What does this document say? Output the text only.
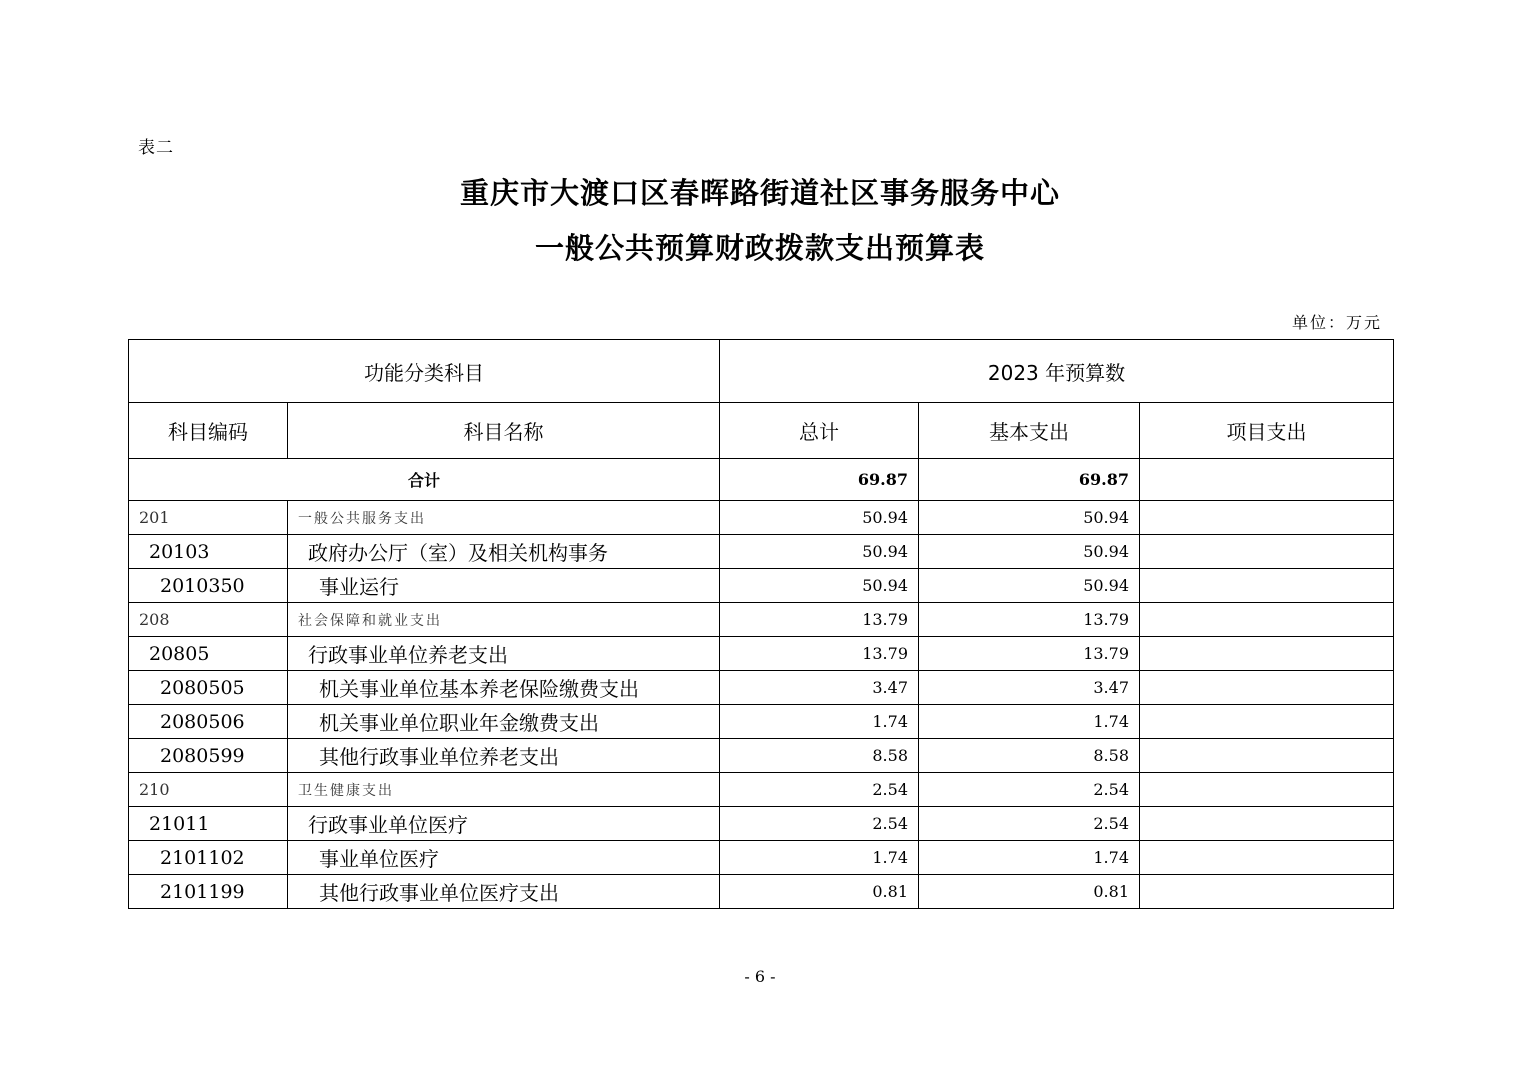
表二
重庆市大渡口区春晖路街道社区事务服务中心
一般公共预算财政拨款支出预算表
单位：万元
功能分类科目		2023 年预算数		
科目编码	科目名称	总计	基本支出	项目支出
合计		69.87	69.87	
201	一般公共服务支出	50.94	50.94	
20103	政府办公厅（室）及相关机构事务	50.94	50.94	
2010350	事业运行	50.94	50.94	
208	社会保障和就业支出	13.79	13.79	
20805	行政事业单位养老支出	13.79	13.79	
2080505	机关事业单位基本养老保险缴费支出	3.47	3.47	
2080506	机关事业单位职业年金缴费支出	1.74	1.74	
2080599	其他行政事业单位养老支出	8.58	8.58	
210	卫生健康支出	2.54	2.54	
21011	行政事业单位医疗	2.54	2.54	
2101102	事业单位医疗	1.74	1.74	
2101199	其他行政事业单位医疗支出	0.81	0.81	
- 6 -
